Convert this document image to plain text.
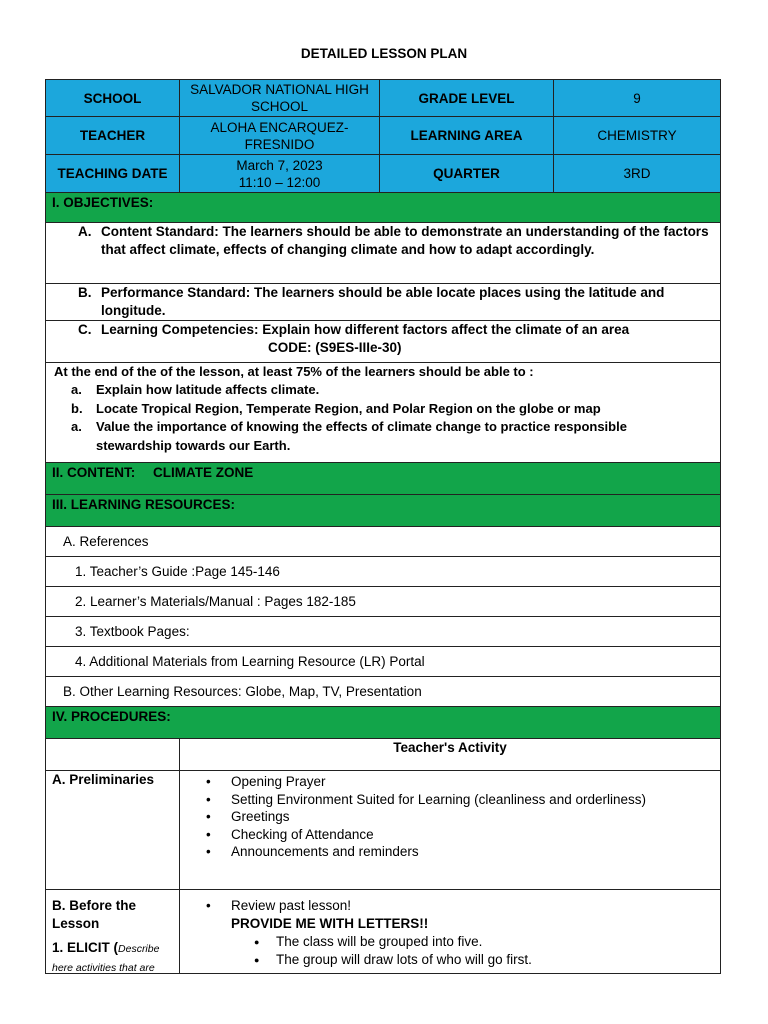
DETAILED LESSON PLAN
SCHOOL
SALVADOR NATIONAL HIGH SCHOOL
GRADE LEVEL	9
TEACHER
ALOHA ENCARQUEZ-FRESNIDO
LEARNING AREA	CHEMISTRY
TEACHING DATE
March 7, 2023
11:10 – 12:00
QUARTER	3RD
I. OBJECTIVES:
A. Content Standard: The learners should be able to demonstrate an understanding of the factors that affect climate, effects of changing climate and how to adapt accordingly.
B. Performance Standard: The learners should be able locate places using the latitude and longitude.
C. Learning Competencies: Explain how different factors affect the climate of an area
CODE: (S9ES-IIIe-30)
At the end of the of the lesson, at least 75% of the learners should be able to :
a. Explain how latitude affects climate.
b. Locate Tropical Region, Temperate Region, and Polar Region on the globe or map
a. Value the importance of knowing the effects of climate change to practice responsible stewardship towards our Earth.
II. CONTENT: CLIMATE ZONE
III. LEARNING RESOURCES:
A. References
1. Teacher’s Guide :Page 145-146
2. Learner’s Materials/Manual : Pages 182-185
3. Textbook Pages:
4. Additional Materials from Learning Resource (LR) Portal
B. Other Learning Resources: Globe, Map, TV, Presentation
IV. PROCEDURES:
Teacher's Activity
A. Preliminaries
•	Opening Prayer
• Setting Environment Suited for Learning (cleanliness and orderliness)
• Greetings
• Checking of Attendance
• Announcements and reminders
B. Before the Lesson
1. ELICIT (Describe here activities that are
• Review past lesson!
PROVIDE ME WITH LETTERS!!
● The class will be grouped into five.
● The group will draw lots of who will go first.
